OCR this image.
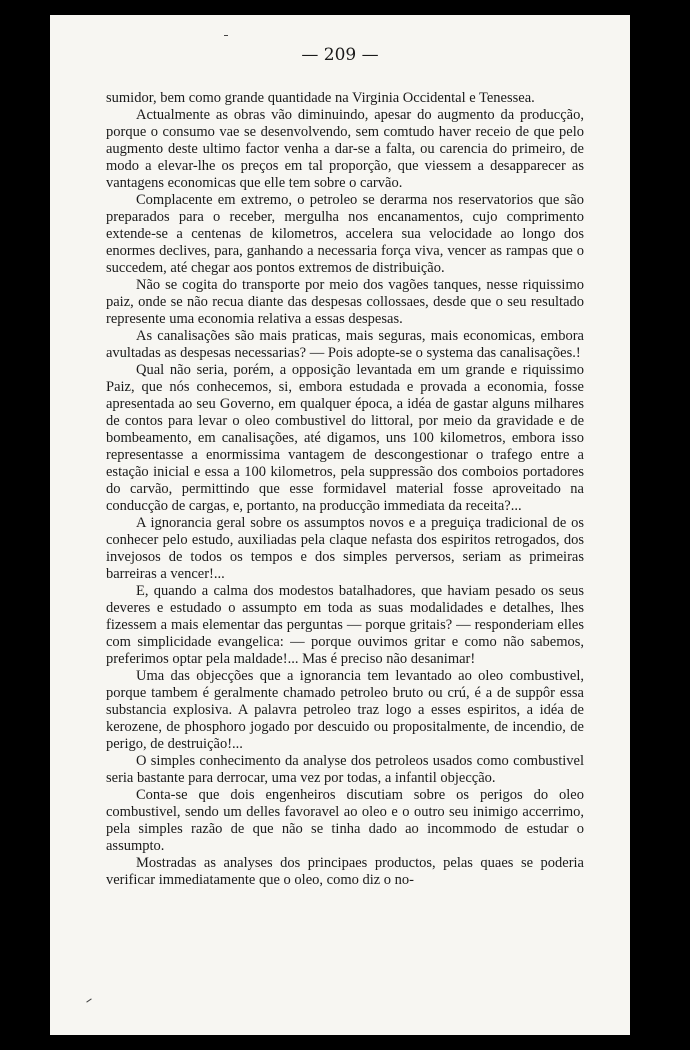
— 209 —

sumidor, bem como grande quantidade na Virginia Occidental e Tenessea.

Actualmente as obras vão diminuindo, apesar do augmento da producção, porque o consumo vae se desenvolvendo, sem comtudo haver receio de que pelo augmento deste ultimo factor venha a dar-se a falta, ou carencia do primeiro, de modo a elevar-lhe os preços em tal proporção, que viessem a desapparecer as vantagens economicas que elle tem sobre o carvão.

Complacente em extremo, o petroleo se derarma nos reservatorios que são preparados para o receber, mergulha nos encanamentos, cujo comprimento extende-se a centenas de kilometros, accelera sua velocidade ao longo dos enormes declives, para, ganhando a necessaria força viva, vencer as rampas que o succedem, até chegar aos pontos extremos de distribuição.

Não se cogita do transporte por meio dos vagões tanques, nesse riquissimo paiz, onde se não recua diante das despesas collossaes, desde que o seu resultado represente uma economia relativa a essas despesas.

As canalisações são mais praticas, mais seguras, mais economicas, embora avultadas as despesas necessarias? — Pois adopte-se o systema das canalisações.!

Qual não seria, porém, a opposição levantada em um grande e riquissimo Paiz, que nós conhecemos, si, embora estudada e provada a economia, fosse apresentada ao seu Governo, em qualquer época, a idéa de gastar alguns milhares de contos para levar o oleo combustivel do littoral, por meio da gravidade e de bombeamento, em canalisações, até digamos, uns 100 kilometros, embora isso representasse a enormissima vantagem de descongestionar o trafego entre a estação inicial e essa a 100 kilometros, pela suppressão dos comboios portadores do carvão, permittindo que esse formidavel material fosse aproveitado na conducção de cargas, e, portanto, na producção immediata da receita?...

A ignorancia geral sobre os assumptos novos e a preguiça tradicional de os conhecer pelo estudo, auxiliadas pela claque nefasta dos espiritos retrogados, dos invejosos de todos os tempos e dos simples perversos, seriam as primeiras barreiras a vencer!...

E, quando a calma dos modestos batalhadores, que haviam pesado os seus deveres e estudado o assumpto em toda as suas modalidades e detalhes, lhes fizessem a mais elementar das perguntas — porque gritais? — responderiam elles com simplicidade evangelica: — porque ouvimos gritar e como não sabemos, preferimos optar pela maldade!... Mas é preciso não desanimar!

Uma das objecções que a ignorancia tem levantado ao oleo combustivel, porque tambem é geralmente chamado petroleo bruto ou crú, é a de suppôr essa substancia explosiva. A palavra petroleo traz logo a esses espiritos, a idéa de kerozene, de phosphoro jogado por descuido ou propositalmente, de incendio, de perigo, de destruição!...

O simples conhecimento da analyse dos petroleos usados como combustivel seria bastante para derrocar, uma vez por todas, a infantil objecção.

Conta-se que dois engenheiros discutiam sobre os perigos do oleo combustivel, sendo um delles favoravel ao oleo e o outro seu inimigo accerrimo, pela simples razão de que não se tinha dado ao incommodo de estudar o assumpto.

Mostradas as analyses dos principaes productos, pelas quaes se poderia verificar immediatamente que o oleo, como diz o no-
